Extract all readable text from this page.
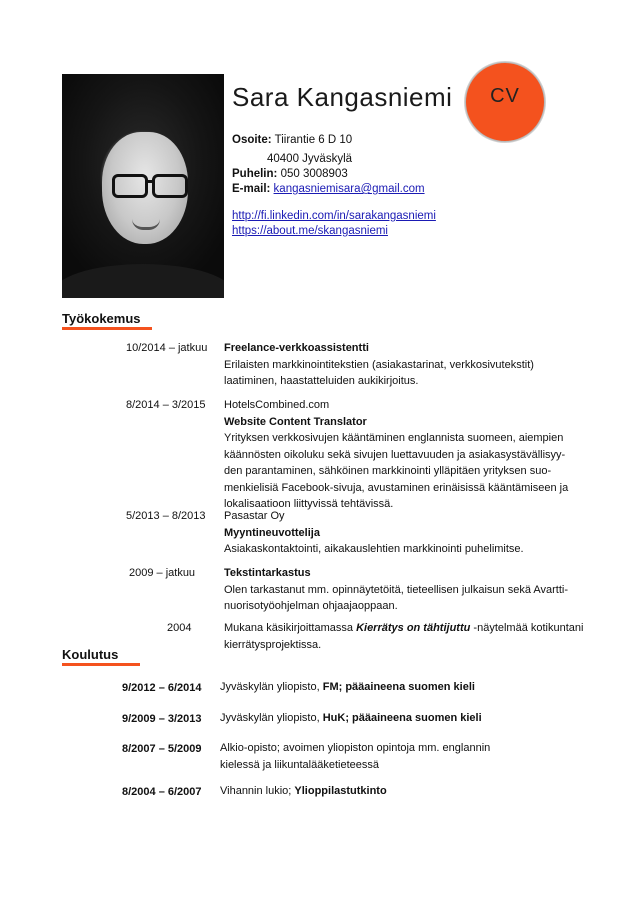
Sara Kangasniemi	CV
Osoite: Tiirantie 6 D 10
40400 Jyväskylä
Puhelin: 050 3008903
E-mail: kangasniemisara@gmail.com
http://fi.linkedin.com/in/sarakangasniemi
https://about.me/skangasniemi
Työkokemus
10/2014 – jatkuu Freelance-verkkoassistentti
Erilaisten markkinointitekstien (asiakastarinat, verkkosivutekstit)
laatiminen, haastatteluiden aukikirjoitus.
8/2014 – 3/2015 HotelsCombined.com
Website Content Translator
Yrityksen verkkosivujen kääntäminen englannista suomeen, aiempien
käännösten oikoluku sekä sivujen luettavuuden ja asiakasystävällisyy-
den parantaminen, sähköinen markkinointi ylläpitäen yrityksen suo-
menkielisiä Facebook-sivuja, avustaminen erinäisissä kääntämiseen ja
lokalisaatioon liittyvissä tehtävissä.
5/2013 – 8/2013 Pasastar Oy
Myyntineuvottelija
Asiakaskontaktointi, aikakauslehtien markkinointi puhelimitse.
2009 – jatkuu	Tekstintarkastus
Olen tarkastanut mm. opinnäytetöitä, tieteellisen julkaisun sekä Avartti-
nuorisotyöohjelman ohjaajaoppaan.
2004	Mukana käsikirjoittamassa Kierrätys on tähtijuttu -näytelmää kotikuntani
kierrätysprojektissa.
Koulutus
9/2012 – 6/2014 Jyväskylän yliopisto, FM; pääaineena suomen kieli
9/2009 – 3/2013 Jyväskylän yliopisto, HuK; pääaineena suomen kieli
8/2007 – 5/2009 Alkio-opisto; avoimen yliopiston opintoja mm. englannin
kielessä ja liikuntalääketieteessä
8/2004 – 6/2007 Vihannin lukio; Ylioppilastutkinto
